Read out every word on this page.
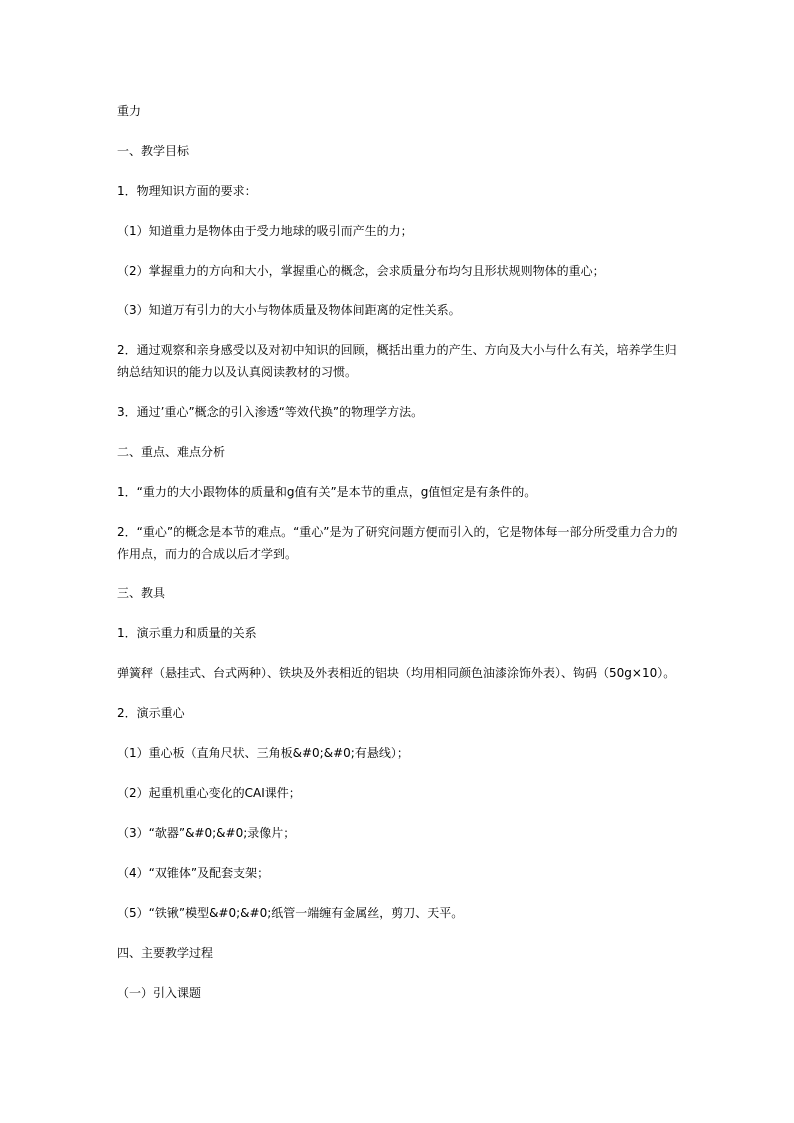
重力
一、教学目标
1．物理知识方面的要求：
（1）知道重力是物体由于受力地球的吸引而产生的力；
（2）掌握重力的方向和大小，掌握重心的概念，会求质量分布均匀且形状规则物体的重心；
（3）知道万有引力的大小与物体质量及物体间距离的定性关系。
2．通过观察和亲身感受以及对初中知识的回顾，概括出重力的产生、方向及大小与什么有关，培养学生归纳总结知识的能力以及认真阅读教材的习惯。
3．通过’重心”概念的引入渗透“等效代换”的物理学方法。
二、重点、难点分析
1．“重力的大小跟物体的质量和g值有关”是本节的重点，g值恒定是有条件的。
2．“重心”的概念是本节的难点。“重心”是为了研究问题方便而引入的，它是物体每一部分所受重力合力的作用点，而力的合成以后才学到。
三、教具
1．演示重力和质量的关系
弹簧秤（悬挂式、台式两种）、铁块及外表相近的铝块（均用相同颜色油漆涂饰外表）、钩码（50g×10）。
2．演示重心
（1）重心板（直角尺状、三角板&#0;&#0;有悬线）；
（2）起重机重心变化的CAI课件；
（3）“欹器”&#0;&#0;录像片；
（4）“双锥体”及配套支架；
（5）“铁锹”模型&#0;&#0;纸管一端缠有金属丝，剪刀、天平。
四、主要教学过程
（一）引入课题
